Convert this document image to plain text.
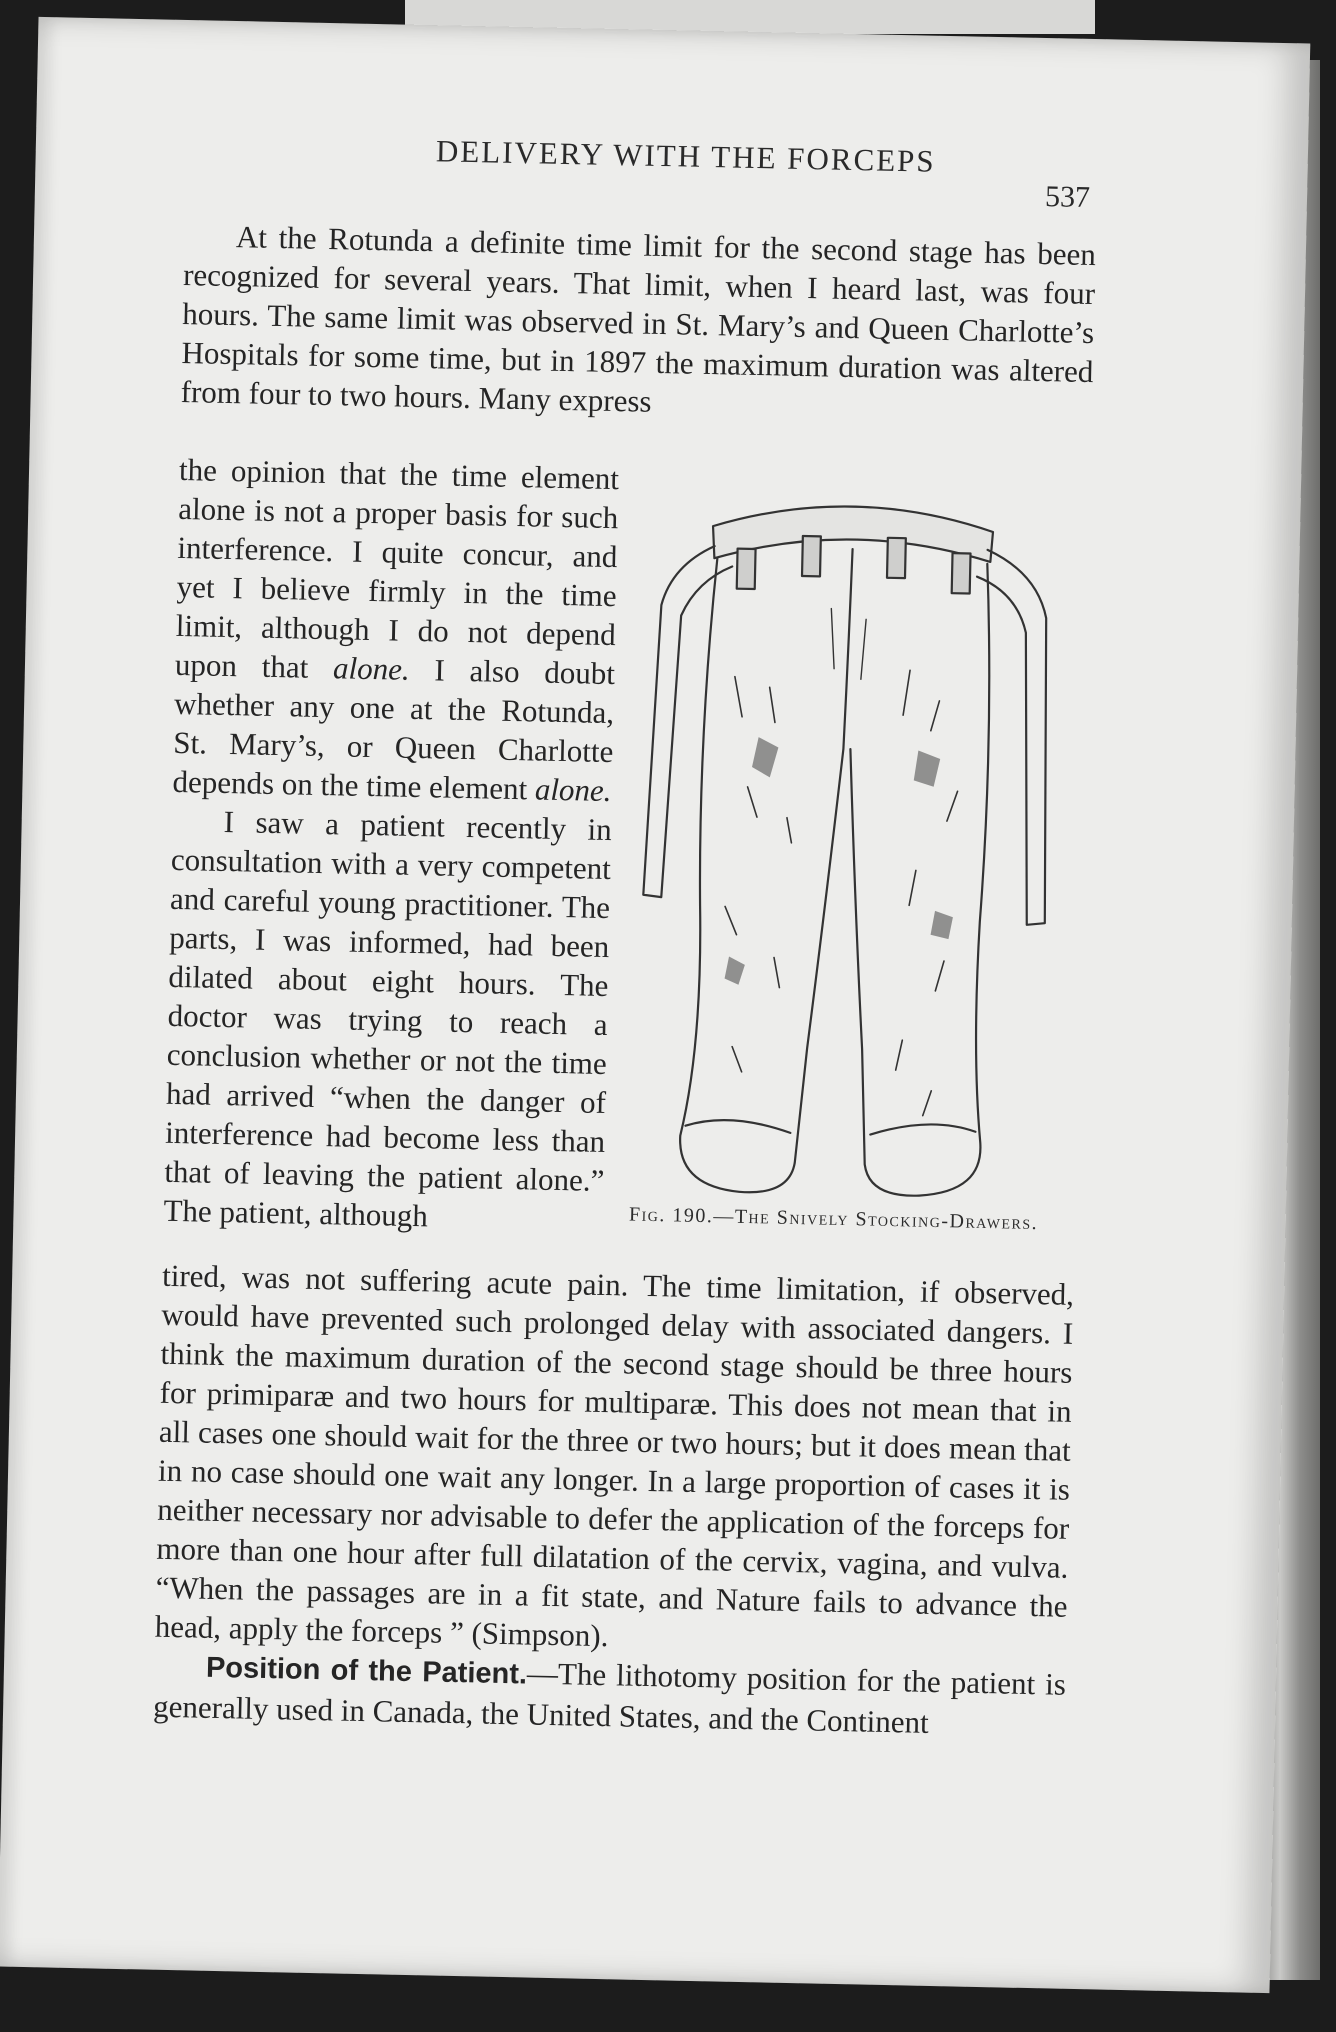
DELIVERY WITH THE FORCEPS
537

At the Rotunda a definite time limit for the second stage has been recognized for several years. That limit, when I heard last, was four hours. The same limit was observed in St. Mary’s and Queen Charlotte’s Hospitals for some time, but in 1897 the maximum duration was altered from four to two hours. Many express

the opinion that the time element alone is not a proper basis for such interference. I quite concur, and yet I believe firmly in the time limit, although I do not depend upon that alone. I also doubt whether any one at the Rotunda, St. Mary’s, or Queen Charlotte depends on the time element alone.

I saw a patient recently in consultation with a very competent and careful young practitioner. The parts, I was informed, had been dilated about eight hours. The doctor was trying to reach a conclusion whether or not the time had arrived “when the danger of interference had become less than that of leaving the patient alone.” The patient, although	Fig. 190.—The Snively Stocking-Drawers.

tired, was not suffering acute pain. The time limitation, if observed, would have prevented such prolonged delay with associated dangers. I think the maximum duration of the second stage should be three hours for primiparæ and two hours for multiparæ. This does not mean that in all cases one should wait for the three or two hours; but it does mean that in no case should one wait any longer. In a large proportion of cases it is neither necessary nor advisable to defer the application of the forceps for more than one hour after full dilatation of the cervix, vagina, and vulva. “When the passages are in a fit state, and Nature fails to advance the head, apply the forceps ” (Simpson).

Position of the Patient.—The lithotomy position for the patient is generally used in Canada, the United States, and the Continent
